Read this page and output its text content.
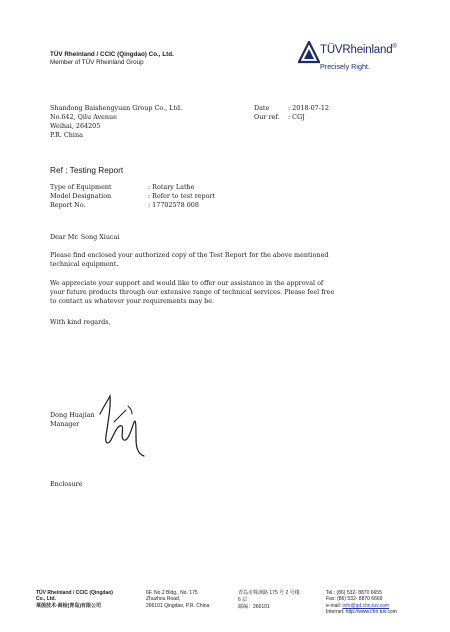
TÜV Rheinland / CCIC (Qingdao) Co., Ltd.
Member of TÜV Rheinland Group
TÜVRheinland®
Precisely Right.
Shandong Baishengyuan Group Co., Ltd.
No.642, Qilu Avenue
Weihai, 264205
P.R. China
Date	: 2018-07-12
Our ref. : CGJ
Ref : Testing Report
Type of Equipment	: Rotary Lathe
Model Designation	: Refer to test report
Report No.	: 17702578 008
Dear Mr. Song Xiucai
Please find enclosed your authorized copy of the Test Report for the above mentioned
technical equipment.
We appreciate your support and would like to offer our assistance in the approval of
your future products through our extensive range of technical services. Please feel free
to contact us whatever your requirements may be.
With kind regards,
Dong Huajian
Manager
Enclosure
TÜV Rheinland / CCIC (Qingdao)
Co., Ltd.
莱茵技术-商检(青岛)有限公司
6F, No.2 Bldg., No. 175
Zhuzhou Road,
266101 Qingdao, P.R. China
青岛市株洲路 175 号 2 号楼
6 层
邮编：266101
Tel.: (86) 532- 8870 6655
Fax: (86) 532- 8870 6669
e-mail: info@qd.chn.tuv.com
Internet: http://www.chn.tuv.com
